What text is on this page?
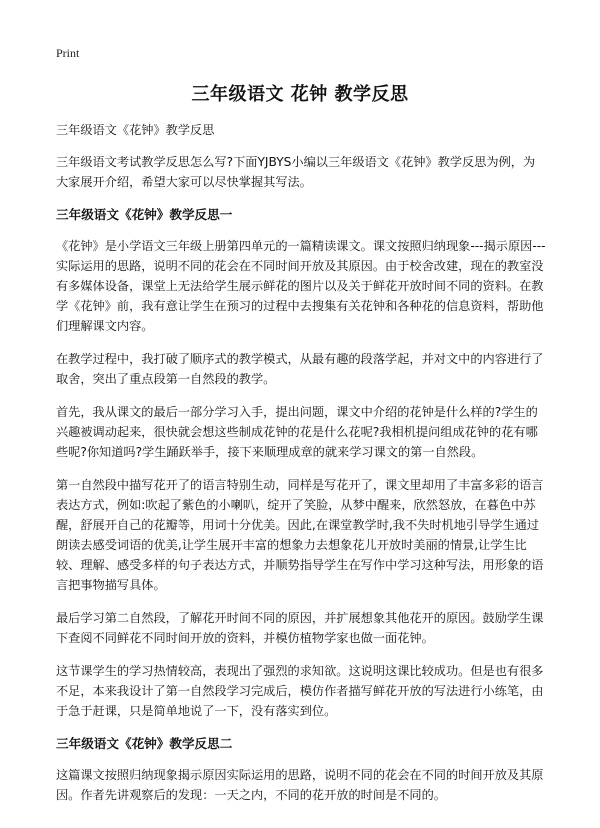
Print
三年级语文 花钟 教学反思

三年级语文《花钟》教学反思

三年级语文考试教学反思怎么写?下面YJBYS小编以三年级语文《花钟》教学反思为例，为大家展开介绍，希望大家可以尽快掌握其写法。

三年级语文《花钟》教学反思一

《花钟》是小学语文三年级上册第四单元的一篇精读课文。课文按照归纳现象---揭示原因---实际运用的思路，说明不同的花会在不同时间开放及其原因。由于校舍改建，现在的教室没有多媒体设备，课堂上无法给学生展示鲜花的图片以及关于鲜花开放时间不同的资料。在教学《花钟》前，我有意让学生在预习的过程中去搜集有关花钟和各种花的信息资料，帮助他们理解课文内容。

在教学过程中，我打破了顺序式的教学模式，从最有趣的段落学起，并对文中的内容进行了取舍，突出了重点段第一自然段的教学。

首先，我从课文的最后一部分学习入手，提出问题，课文中介绍的花钟是什么样的?学生的兴趣被调动起来，很快就会想这些制成花钟的花是什么花呢?我相机提问组成花钟的花有哪些呢?你知道吗?学生踊跃举手，接下来顺理成章的就来学习课文的第一自然段。

第一自然段中描写花开了的语言特别生动，同样是写花开了，课文里却用了丰富多彩的语言表达方式，例如:吹起了紫色的小喇叭，绽开了笑脸，从梦中醒来，欣然怒放，在暮色中苏醒，舒展开自己的花瓣等，用词十分优美。因此,在课堂教学时,我不失时机地引导学生通过朗读去感受词语的优美,让学生展开丰富的想象力去想象花儿开放时美丽的情景,让学生比较、理解、感受多样的句子表达方式，并顺势指导学生在写作中学习这种写法，用形象的语言把事物描写具体。

最后学习第二自然段，了解花开时间不同的原因，并扩展想象其他花开的原因。鼓励学生课下查阅不同鲜花不同时间开放的资料，并模仿植物学家也做一面花钟。

这节课学生的学习热情较高，表现出了强烈的求知欲。这说明这课比较成功。但是也有很多不足，本来我设计了第一自然段学习完成后，模仿作者描写鲜花开放的写法进行小练笔，由于急于赶课，只是简单地说了一下，没有落实到位。

三年级语文《花钟》教学反思二

这篇课文按照归纳现象揭示原因实际运用的思路，说明不同的花会在不同的时间开放及其原因。作者先讲观察后的发现：一天之内，不同的花开放的时间是不同的。
